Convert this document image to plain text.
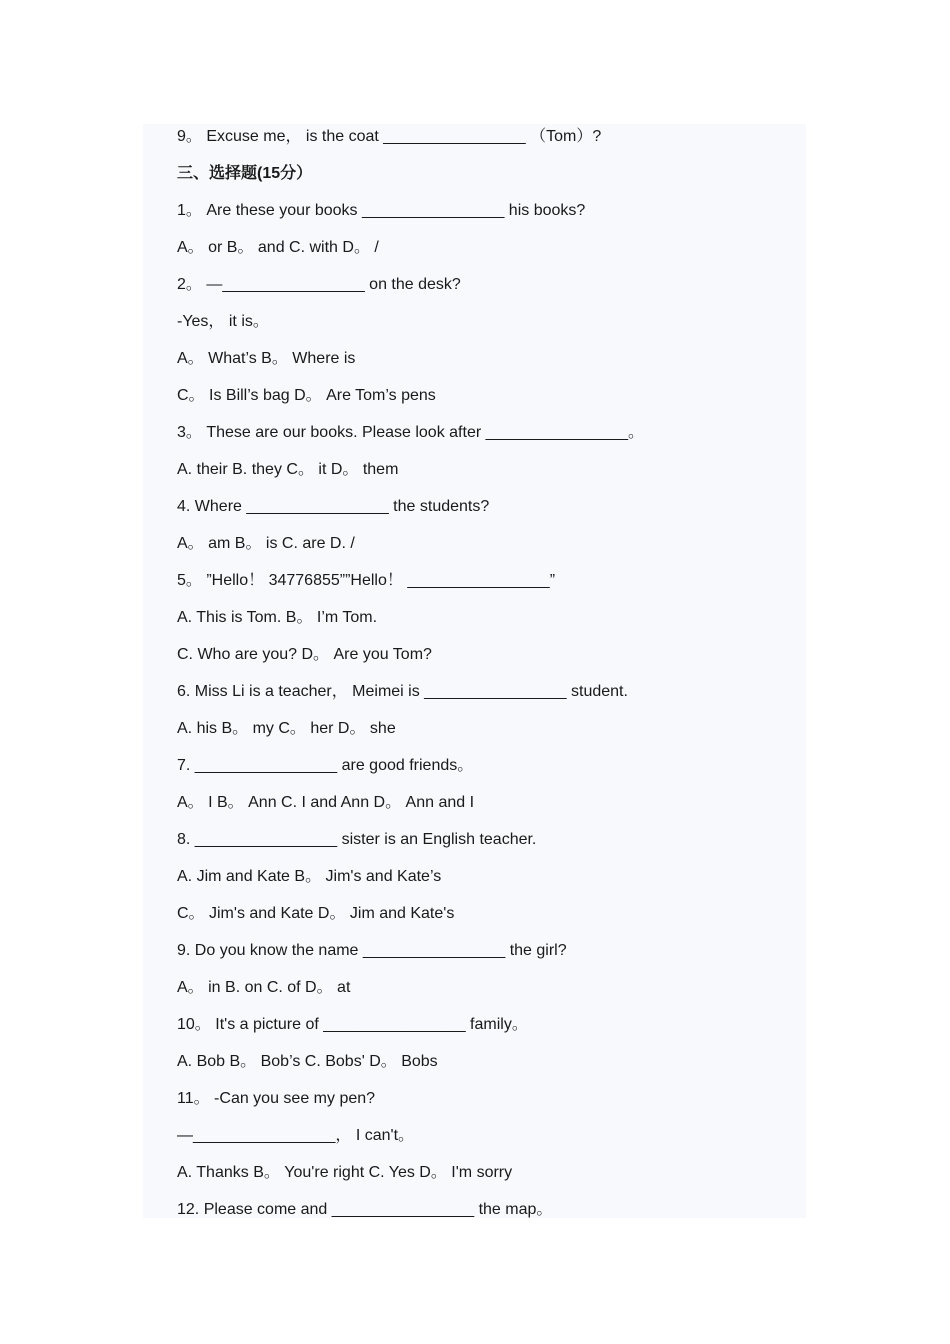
9。 Excuse me， is the coat ________________ （Tom）?
三、选择题(15分）
1。 Are these your books ________________ his books?
A。 or B。 and C. with D。 /
2。 —________________ on the desk?
-Yes， it is。
A。 What’s B。 Where is
C。 Is Bill’s bag D。 Are Tom’s pens
3。 These are our books. Please look after ________________。
A. their B. they C。 it D。 them
4. Where ________________ the students?
A。 am B。 is C. are D. /
5。 ”Hello！ 34776855””Hello！ ________________”
A. This is Tom. B。 I’m Tom.
C. Who are you? D。 Are you Tom?
6. Miss Li is a teacher， Meimei is ________________ student.
A. his B。 my C。 her D。 she
7. ________________ are good friends。
A。 I B。 Ann C. I and Ann D。 Ann and I
8. ________________ sister is an English teacher.
A. Jim and Kate B。 Jim's and Kate’s
C。 Jim's and Kate D。 Jim and Kate's
9. Do you know the name ________________ the girl?
A。 in B. on C. of D。 at
10。 It's a picture of ________________ family。
A. Bob B。 Bob’s C. Bobs' D。 Bobs
11。 -Can you see my pen?
—________________， I can't。
A. Thanks B。 You're right C. Yes D。 I'm sorry
12. Please come and ________________ the map。
